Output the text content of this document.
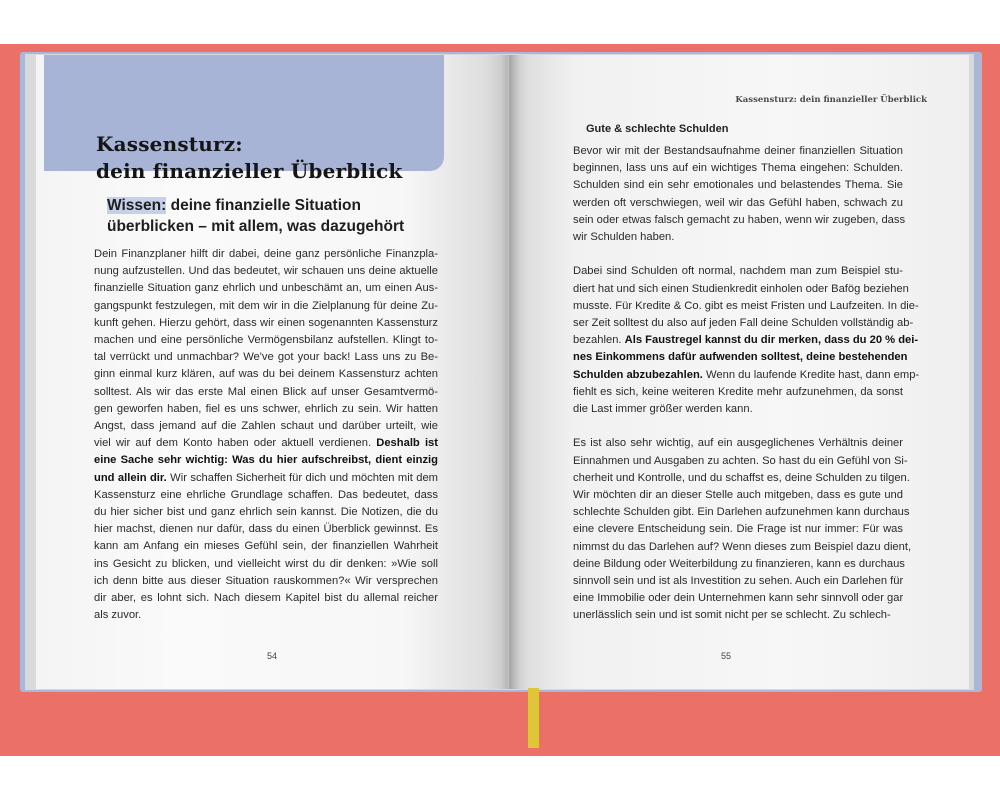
Kassensturz:
dein finanzieller Überblick
Wissen: deine finanzielle Situation
überblicken – mit allem, was dazugehört
Dein Finanzplaner hilft dir dabei, deine ganz persönliche Finanzpla-
nung aufzustellen. Und das bedeutet, wir schauen uns deine aktuelle
finanzielle Situation ganz ehrlich und unbeschämt an, um einen Aus-
gangspunkt festzulegen, mit dem wir in die Zielplanung für deine Zu-
kunft gehen. Hierzu gehört, dass wir einen sogenannten Kassensturz
machen und eine persönliche Vermögensbilanz aufstellen. Klingt to-
tal verrückt und unmachbar? We've got your back! Lass uns zu Be-
ginn einmal kurz klären, auf was du bei deinem Kassensturz achten
solltest. Als wir das erste Mal einen Blick auf unser Gesamtvermö-
gen geworfen haben, fiel es uns schwer, ehrlich zu sein. Wir hatten
Angst, dass jemand auf die Zahlen schaut und darüber urteilt, wie
viel wir auf dem Konto haben oder aktuell verdienen. Deshalb ist
eine Sache sehr wichtig: Was du hier aufschreibst, dient einzig
und allein dir. Wir schaffen Sicherheit für dich und möchten mit dem
Kassensturz eine ehrliche Grundlage schaffen. Das bedeutet, dass
du hier sicher bist und ganz ehrlich sein kannst. Die Notizen, die du
hier machst, dienen nur dafür, dass du einen Überblick gewinnst. Es
kann am Anfang ein mieses Gefühl sein, der finanziellen Wahrheit
ins Gesicht zu blicken, und vielleicht wirst du dir denken: »Wie soll
ich denn bitte aus dieser Situation rauskommen?« Wir versprechen
dir aber, es lohnt sich. Nach diesem Kapitel bist du allemal reicher
als zuvor.
54
Kassensturz: dein finanzieller Überblick
Gute & schlechte Schulden
Bevor wir mit der Bestandsaufnahme deiner finanziellen Situation
beginnen, lass uns auf ein wichtiges Thema eingehen: Schulden.
Schulden sind ein sehr emotionales und belastendes Thema. Sie
werden oft verschwiegen, weil wir das Gefühl haben, schwach zu
sein oder etwas falsch gemacht zu haben, wenn wir zugeben, dass
wir Schulden haben.
Dabei sind Schulden oft normal, nachdem man zum Beispiel stu-
diert hat und sich einen Studienkredit einholen oder Bafög beziehen
musste. Für Kredite & Co. gibt es meist Fristen und Laufzeiten. In die-
ser Zeit solltest du also auf jeden Fall deine Schulden vollständig ab-
bezahlen. Als Faustregel kannst du dir merken, dass du 20 % dei-
nes Einkommens dafür aufwenden solltest, deine bestehenden
Schulden abzubezahlen. Wenn du laufende Kredite hast, dann emp-
fiehlt es sich, keine weiteren Kredite mehr aufzunehmen, da sonst
die Last immer größer werden kann.
Es ist also sehr wichtig, auf ein ausgeglichenes Verhältnis deiner
Einnahmen und Ausgaben zu achten. So hast du ein Gefühl von Si-
cherheit und Kontrolle, und du schaffst es, deine Schulden zu tilgen.
Wir möchten dir an dieser Stelle auch mitgeben, dass es gute und
schlechte Schulden gibt. Ein Darlehen aufzunehmen kann durchaus
eine clevere Entscheidung sein. Die Frage ist nur immer: Für was
nimmst du das Darlehen auf? Wenn dieses zum Beispiel dazu dient,
deine Bildung oder Weiterbildung zu finanzieren, kann es durchaus
sinnvoll sein und ist als Investition zu sehen. Auch ein Darlehen für
eine Immobilie oder dein Unternehmen kann sehr sinnvoll oder gar
unerlässlich sein und ist somit nicht per se schlecht. Zu schlech-
55
